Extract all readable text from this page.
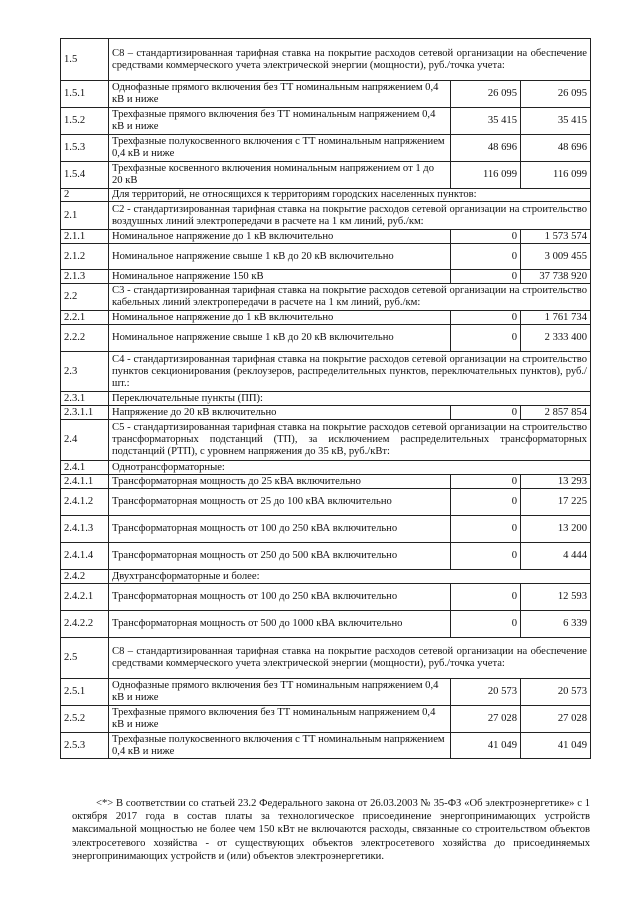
1.5	С8 – стандартизированная тарифная ставка на покрытие расходов сетевой организации на обеспечение средствами коммерческого учета электрической энергии (мощности), руб./точка учета:		
1.5.1	Однофазные прямого включения без ТТ номинальным напряжением 0,4 кВ и ниже	26 095	26 095
1.5.2	Трехфазные прямого включения без ТТ номинальным напряжением 0,4 кВ и ниже	35 415	35 415
1.5.3	Трехфазные полукосвенного включения с ТТ номинальным напряжением 0,4 кВ и ниже	48 696	48 696
1.5.4	Трехфазные косвенного включения номинальным напряжением от 1 до 20 кВ	116 099	116 099
2	Для территорий, не относящихся к территориям городских населенных пунктов:		
2.1	С2 - стандартизированная тарифная ставка на покрытие расходов сетевой организации на строительство воздушных линий электропередачи в расчете на 1 км линий, руб./км:		
2.1.1	Номинальное напряжение до 1 кВ включительно	0	1 573 574
2.1.2	Номинальное напряжение свыше 1 кВ до 20 кВ включительно	0	3 009 455
2.1.3	Номинальное напряжение 150 кВ	0	37 738 920
2.2	С3 - стандартизированная тарифная ставка на покрытие расходов сетевой организации на строительство кабельных линий электропередачи в расчете на 1 км линий, руб./км:		
2.2.1	Номинальное напряжение до 1 кВ включительно	0	1 761 734
2.2.2	Номинальное напряжение свыше 1 кВ до 20 кВ включительно	0	2 333 400
2.3	С4 - стандартизированная тарифная ставка на покрытие расходов сетевой организации на строительство пунктов секционирования (реклоузеров, распределительных пунктов, переключательных пунктов), руб./шт.:		
2.3.1	Переключательные пункты (ПП):		
2.3.1.1	Напряжение до 20 кВ включительно	0	2 857 854
2.4	С5 - стандартизированная тарифная ставка на покрытие расходов сетевой организации на строительство трансформаторных подстанций (ТП), за исключением распределительных трансформаторных подстанций (РТП), с уровнем напряжения до 35 кВ, руб./кВт:		
2.4.1	Однотрансформаторные:		
2.4.1.1	Трансформаторная мощность до 25 кВА включительно	0	13 293
2.4.1.2	Трансформаторная мощность от 25 до 100 кВА включительно	0	17 225
2.4.1.3	Трансформаторная мощность от 100 до 250 кВА включительно	0	13 200
2.4.1.4	Трансформаторная мощность от 250 до 500 кВА включительно	0	4 444
2.4.2	Двухтрансформаторные и более:		
2.4.2.1	Трансформаторная мощность от 100 до 250 кВА включительно	0	12 593
2.4.2.2	Трансформаторная мощность от 500 до 1000 кВА включительно	0	6 339
2.5	С8 – стандартизированная тарифная ставка на покрытие расходов сетевой организации на обеспечение средствами коммерческого учета электрической энергии (мощности), руб./точка учета:		
2.5.1	Однофазные прямого включения без ТТ номинальным напряжением 0,4 кВ и ниже	20 573	20 573
2.5.2	Трехфазные прямого включения без ТТ номинальным напряжением 0,4 кВ и ниже	27 028	27 028
2.5.3	Трехфазные полукосвенного включения с ТТ номинальным напряжением 0,4 кВ и ниже	41 049	41 049

<*> В соответствии со статьей 23.2 Федерального закона от 26.03.2003 № 35-ФЗ «Об электроэнергетике» с 1 октября 2017 года в состав платы за технологическое присоединение энергопринимающих устройств максимальной мощностью не более чем 150 кВт не включаются расходы, связанные со строительством объектов электросетевого хозяйства - от существующих объектов электросетевого хозяйства до присоединяемых энергопринимающих устройств и (или) объектов электроэнергетики.
